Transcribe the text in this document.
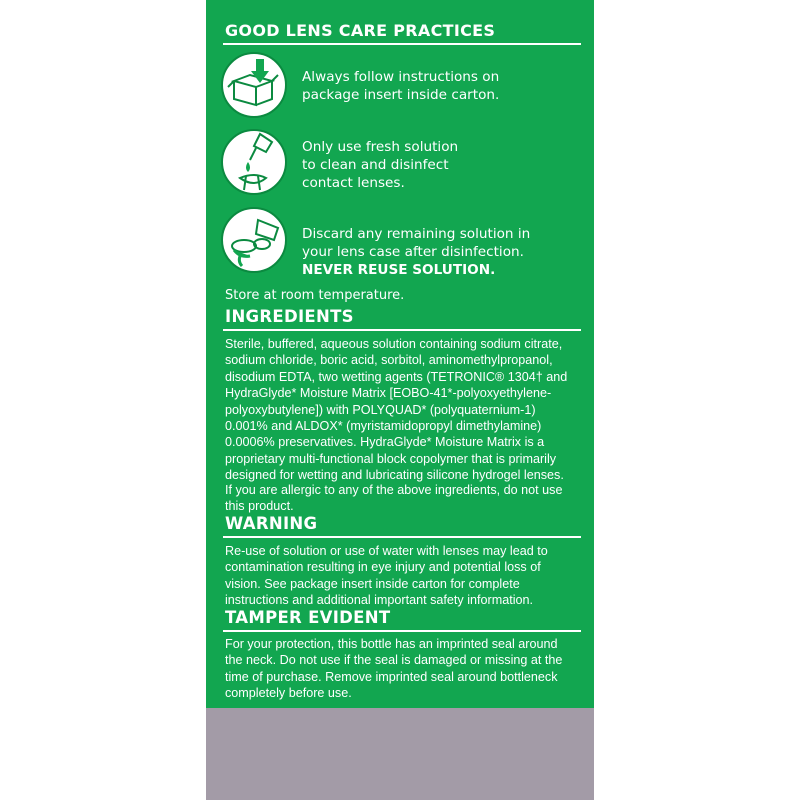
GOOD LENS CARE PRACTICES

Always follow instructions on
package insert inside carton.

Only use fresh solution
to clean and disinfect
contact lenses.

Discard any remaining solution in
your lens case after disinfection.
NEVER REUSE SOLUTION.

Store at room temperature.

INGREDIENTS

Sterile, buffered, aqueous solution containing sodium citrate,
sodium chloride, boric acid, sorbitol, aminomethylpropanol,
disodium EDTA, two wetting agents (TETRONIC® 1304† and
HydraGlyde* Moisture Matrix [EOBO-41*-polyoxyethylene-
polyoxybutylene]) with POLYQUAD* (polyquaternium-1)
0.001% and ALDOX* (myristamidopropyl dimethylamine)
0.0006% preservatives. HydraGlyde* Moisture Matrix is a
proprietary multi-functional block copolymer that is primarily
designed for wetting and lubricating silicone hydrogel lenses.

If you are allergic to any of the above ingredients, do not use
this product.

WARNING

Re-use of solution or use of water with lenses may lead to
contamination resulting in eye injury and potential loss of
vision. See package insert inside carton for complete
instructions and additional important safety information.

TAMPER EVIDENT

For your protection, this bottle has an imprinted seal around
the neck. Do not use if the seal is damaged or missing at the
time of purchase. Remove imprinted seal around bottleneck
completely before use.
